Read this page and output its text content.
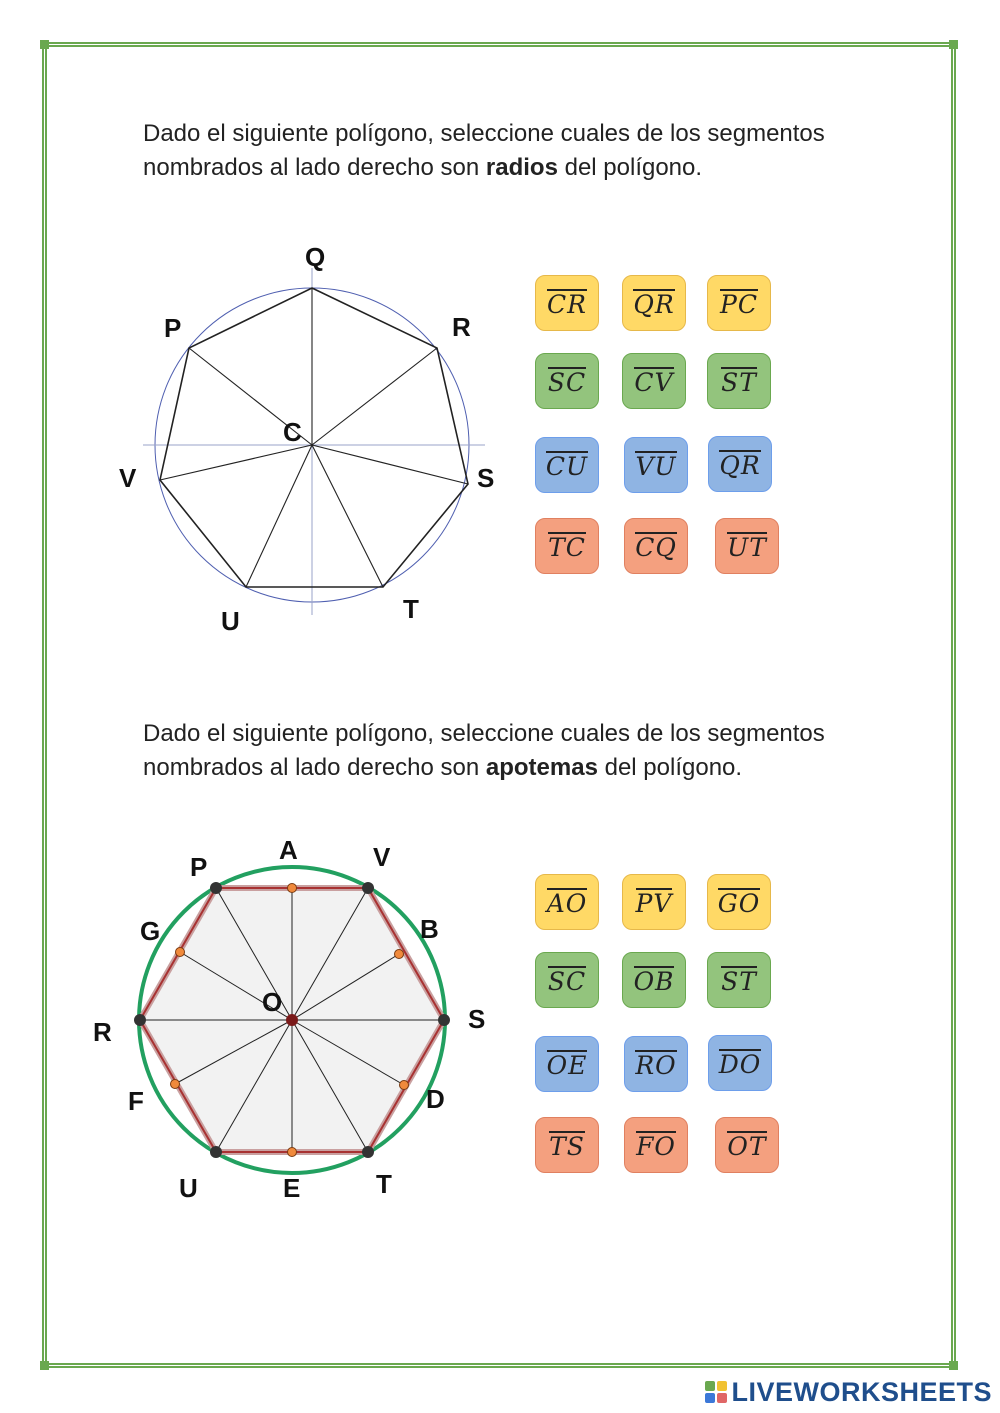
Dado el siguiente polígono, seleccione cuales de los segmentos nombrados al lado derecho son radios del polígono.
Q
R
S
T
U
V
P
C
CR QR PC
SC CV ST
CU VU QR
TC CQ UT
Dado el siguiente polígono, seleccione cuales de los segmentos nombrados al lado derecho son apotemas del polígono.
A	V
P
G	B
O
R	S
F	D
U	E	T
AO PV GO
SC OB ST
OE RO DO
TS FO OT
LIVEWORKSHEETS
